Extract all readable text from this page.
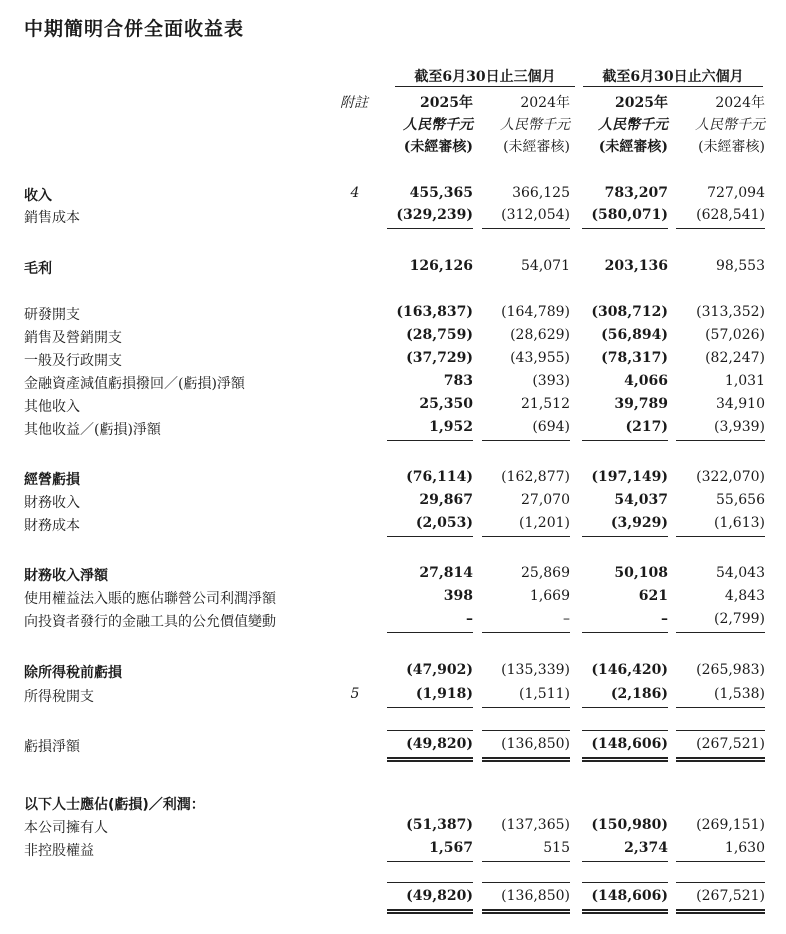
中期簡明合併全面收益表
截至6月30日止三個月	截至6月30日止六個月
附註	2025年	2024年	2025年	2024年
人民幣千元	人民幣千元	人民幣千元	人民幣千元
(未經審核)	(未經審核)	(未經審核)	(未經審核)
收入	4	455,365	366,125	783,207	727,094
銷售成本	(329,239)	(312,054)	(580,071)	(628,541)
毛利	126,126	54,071	203,136	98,553
研發開支	(163,837)	(164,789)	(308,712)	(313,352)
銷售及營銷開支	(28,759)	(28,629)	(56,894)	(57,026)
一般及行政開支	(37,729)	(43,955)	(78,317)	(82,247)
金融資產減值虧損撥回／(虧損)淨額	783	(393)	4,066	1,031
其他收入	25,350	21,512	39,789	34,910
其他收益／(虧損)淨額	1,952	(694)	(217)	(3,939)
經營虧損	(76,114)	(162,877)	(197,149)	(322,070)
財務收入	29,867	27,070	54,037	55,656
財務成本	(2,053)	(1,201)	(3,929)	(1,613)
財務收入淨額	27,814	25,869	50,108	54,043
使用權益法入賬的應佔聯營公司利潤淨額	398	1,669	621	4,843
向投資者發行的金融工具的公允價值變動	–	–	–	(2,799)
除所得稅前虧損	(47,902)	(135,339)	(146,420)	(265,983)
所得稅開支	5	(1,918)	(1,511)	(2,186)	(1,538)
虧損淨額	(49,820)	(136,850)	(148,606)	(267,521)
以下人士應佔(虧損)／利潤：
本公司擁有人	(51,387)	(137,365)	(150,980)	(269,151)
非控股權益	1,567	515	2,374	1,630
(49,820)	(136,850)	(148,606)	(267,521)
